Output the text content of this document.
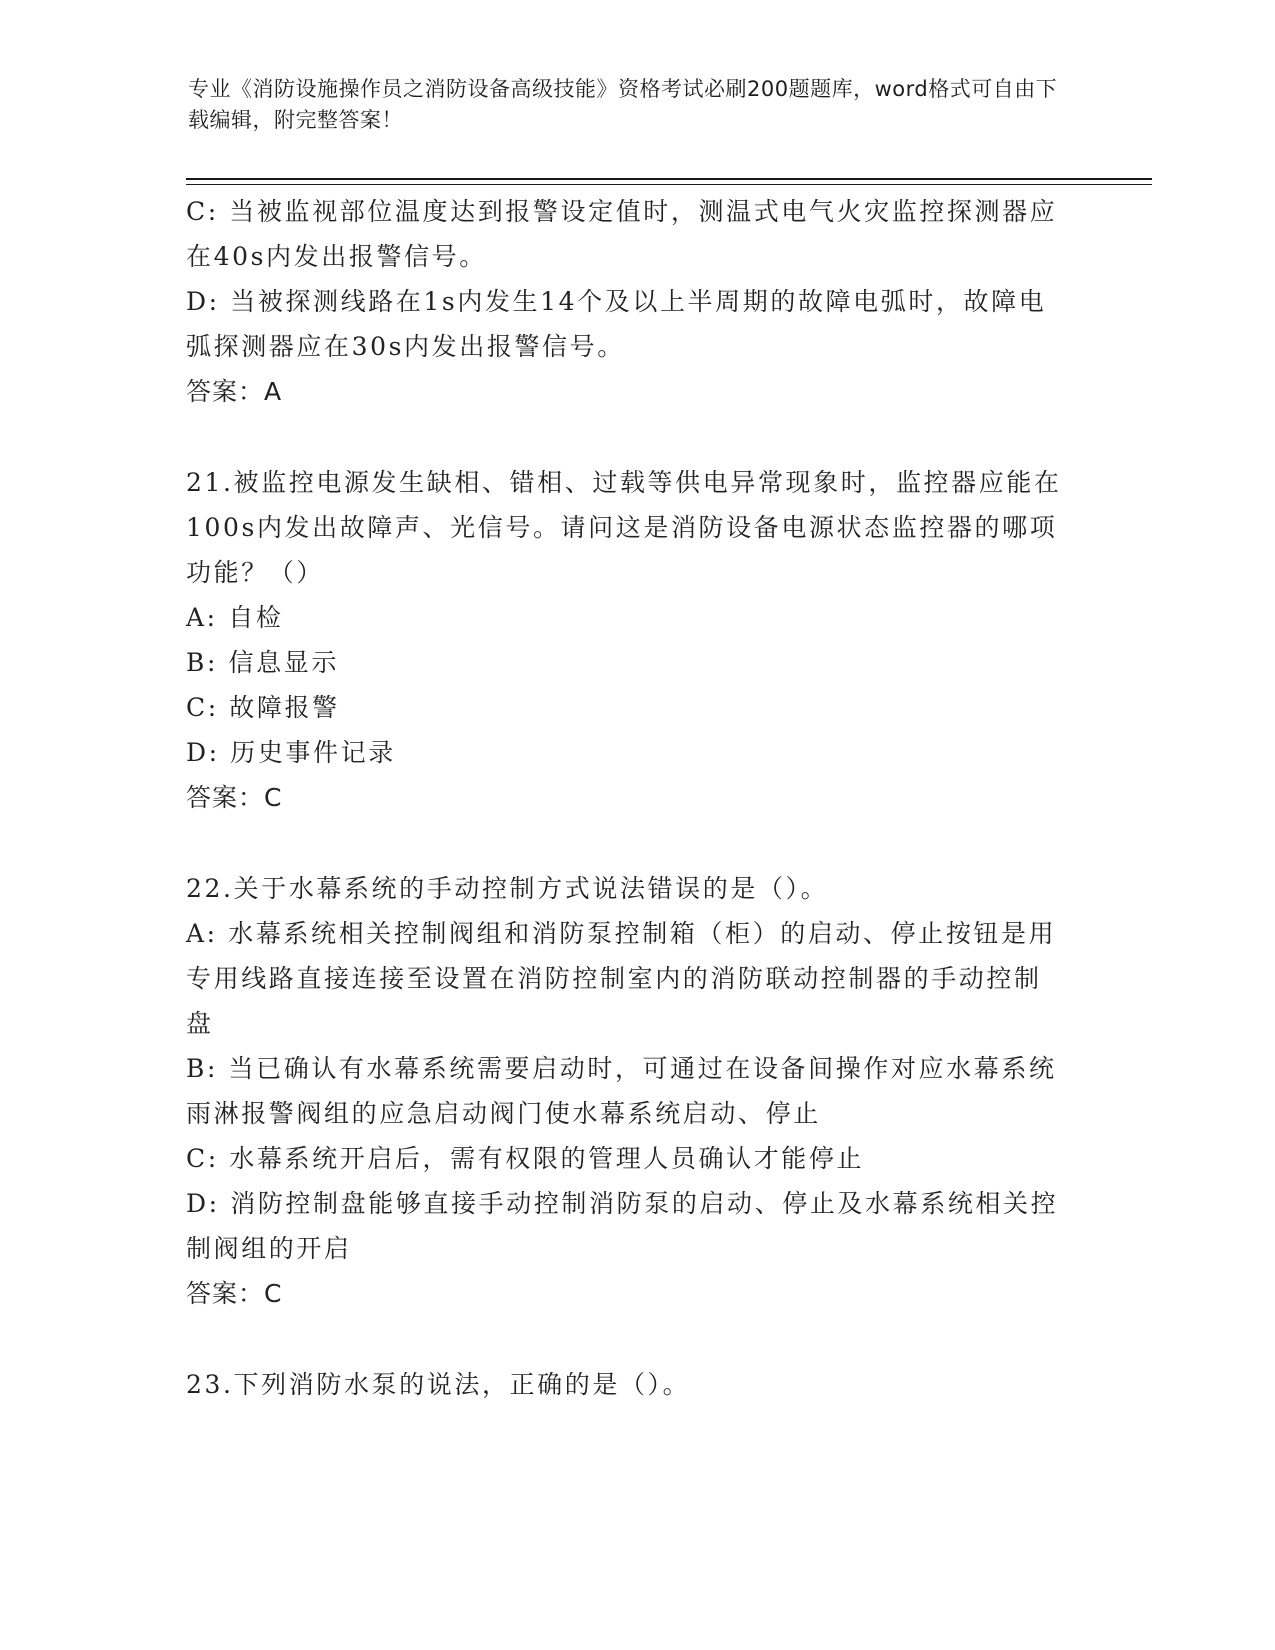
专业《消防设施操作员之消防设备高级技能》资格考试必刷200题题库，word格式可自由下载编辑，附完整答案！
C: 当被监视部位温度达到报警设定值时，测温式电气火灾监控探测器应在40s内发出报警信号。
D: 当被探测线路在1s内发生14个及以上半周期的故障电弧时，故障电弧探测器应在30s内发出报警信号。
答案：A
21.被监控电源发生缺相、错相、过载等供电异常现象时，监控器应能在100s内发出故障声、光信号。请问这是消防设备电源状态监控器的哪项功能？（）
A: 自检
B: 信息显示
C: 故障报警
D: 历史事件记录
答案：C
22.关于水幕系统的手动控制方式说法错误的是（）。
A: 水幕系统相关控制阀组和消防泵控制箱（柜）的启动、停止按钮是用专用线路直接连接至设置在消防控制室内的消防联动控制器的手动控制盘
B: 当已确认有水幕系统需要启动时，可通过在设备间操作对应水幕系统雨淋报警阀组的应急启动阀门使水幕系统启动、停止
C: 水幕系统开启后，需有权限的管理人员确认才能停止
D: 消防控制盘能够直接手动控制消防泵的启动、停止及水幕系统相关控制阀组的开启
答案：C
23.下列消防水泵的说法，正确的是（）。
